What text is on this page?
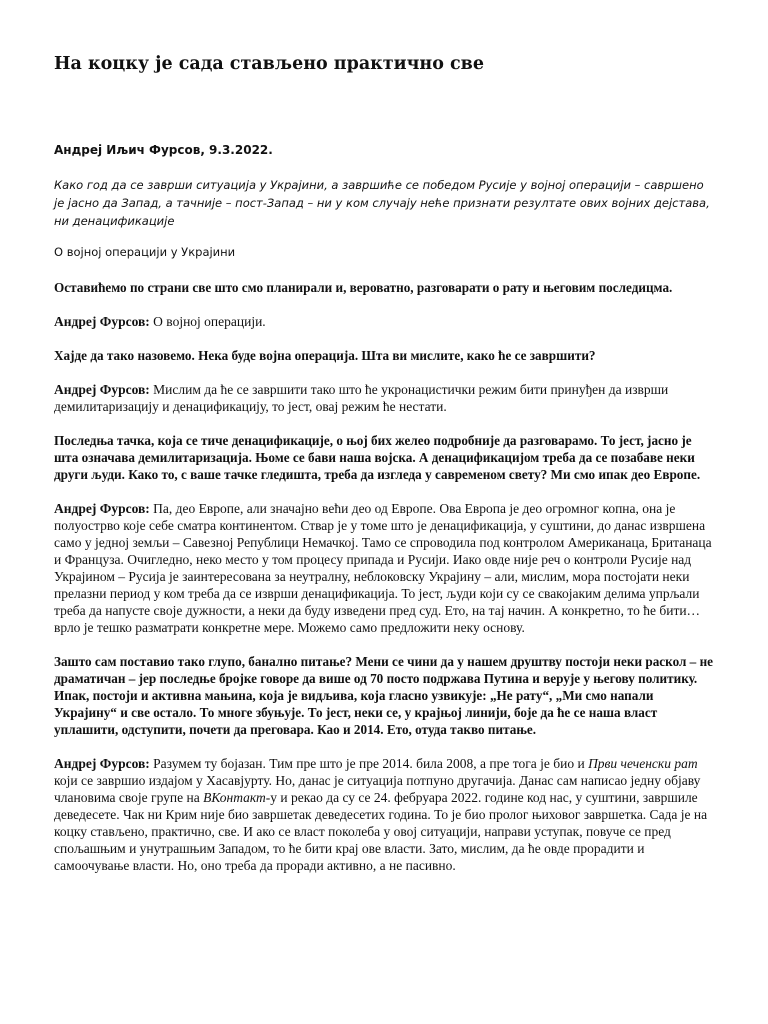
На коцку је сада стављено практично све
Андреј Иљич Фурсов, 9.3.2022.
Како год да се заврши ситуација у Украјини, а завршиће се победом Русије у војној операцији – савршено је јасно да Запад, а тачније – пост-Запад – ни у ком случају неће признати резултате ових војних дејстава, ни денацификације
О војној операцији у Украјини

Оставићемо по страни све што смо планирали и, вероватно, разговарати о рату и његовим последицма.

Андреј Фурсов: О војној операцији.

Хајде да тако назовемо. Нека буде војна операција. Шта ви мислите, како ће се завршити?

Андреј Фурсов: Мислим да ће се завршити тако што ће укронацистички режим бити принуђен да изврши демилитаризацију и денацификацију, то јест, овај режим ће нестати.

Последња тачка, која се тиче денацификације, о њој бих желео подробније да разговарамо. То јест, јасно је шта означава демилитаризација. Њоме се бави наша војска. А денацификацијом треба да се позабаве неки други људи. Како то, с ваше тачке гледишта, треба да изгледа у савременом свету? Ми смо ипак део Европе.

Андреј Фурсов: Па, део Европе, али значајно већи део од Европе. Ова Европа је део огромног копна, она је полуострво које себе сматра континентом. Ствар је у томе што је денацификација, у суштини, до данас извршена само у једној земљи – Савезној Републици Немачкој. Тамо се спроводила под контролом Американаца, Британаца и Француза. Очигледно, неко место у том процесу припада и Русији. Иако овде није реч о контроли Русије над Украјином – Русија је заинтересована за неутралну, неблоковску Украјину – али, мислим, мора постојати неки прелазни период у ком треба да се изврши денацификација. То јест, људи који су се свакојаким делима упрљали треба да напусте своје дужности, а неки да буду изведени пред суд. Ето, на тај начин. А конкретно, то ће бити… врло је тешко разматрати конкретне мере. Можемо само предложити неку основу.

Зашто сам поставио тако глупо, банално питање? Мени се чини да у нашем друштву постоји неки раскол – не драматичан – јер последње бројке говоре да више од 70 посто подржава Путина и верује у његову политику. Ипак, постоји и активна мањина, која је видљива, која гласно узвикује: „Не рату“, „Ми смо напали Украјину“ и све остало. То многе збуњује. То јест, неки се, у крајњој линији, боје да ће се наша власт уплашити, одступити, почети да преговара. Као и 2014. Ето, отуда такво питање.

Андреј Фурсов: Разумем ту бојазан. Тим пре што је пре 2014. била 2008, а пре тога је био и Први чеченски рат који се завршио издајом у Хасавјурту. Но, данас је ситуација потпуно другачија. Данас сам написао једну објаву члановима своје групе на ВКонтакт-у и рекао да су се 24. фебруара 2022. године код нас, у суштини, завршиле деведесете. Чак ни Крим није био завршетак деведесетих година. То је био пролог њиховог завршетка. Сада је на коцку стављено, практично, све. И ако се власт поколеба у овој ситуацији, направи уступак, повуче се пред спољашњим и унутрашњим Западом, то ће бити крај ове власти. Зато, мислим, да ће овде прорадити и самоочување власти. Но, оно треба да проради активно, а не пасивно.
